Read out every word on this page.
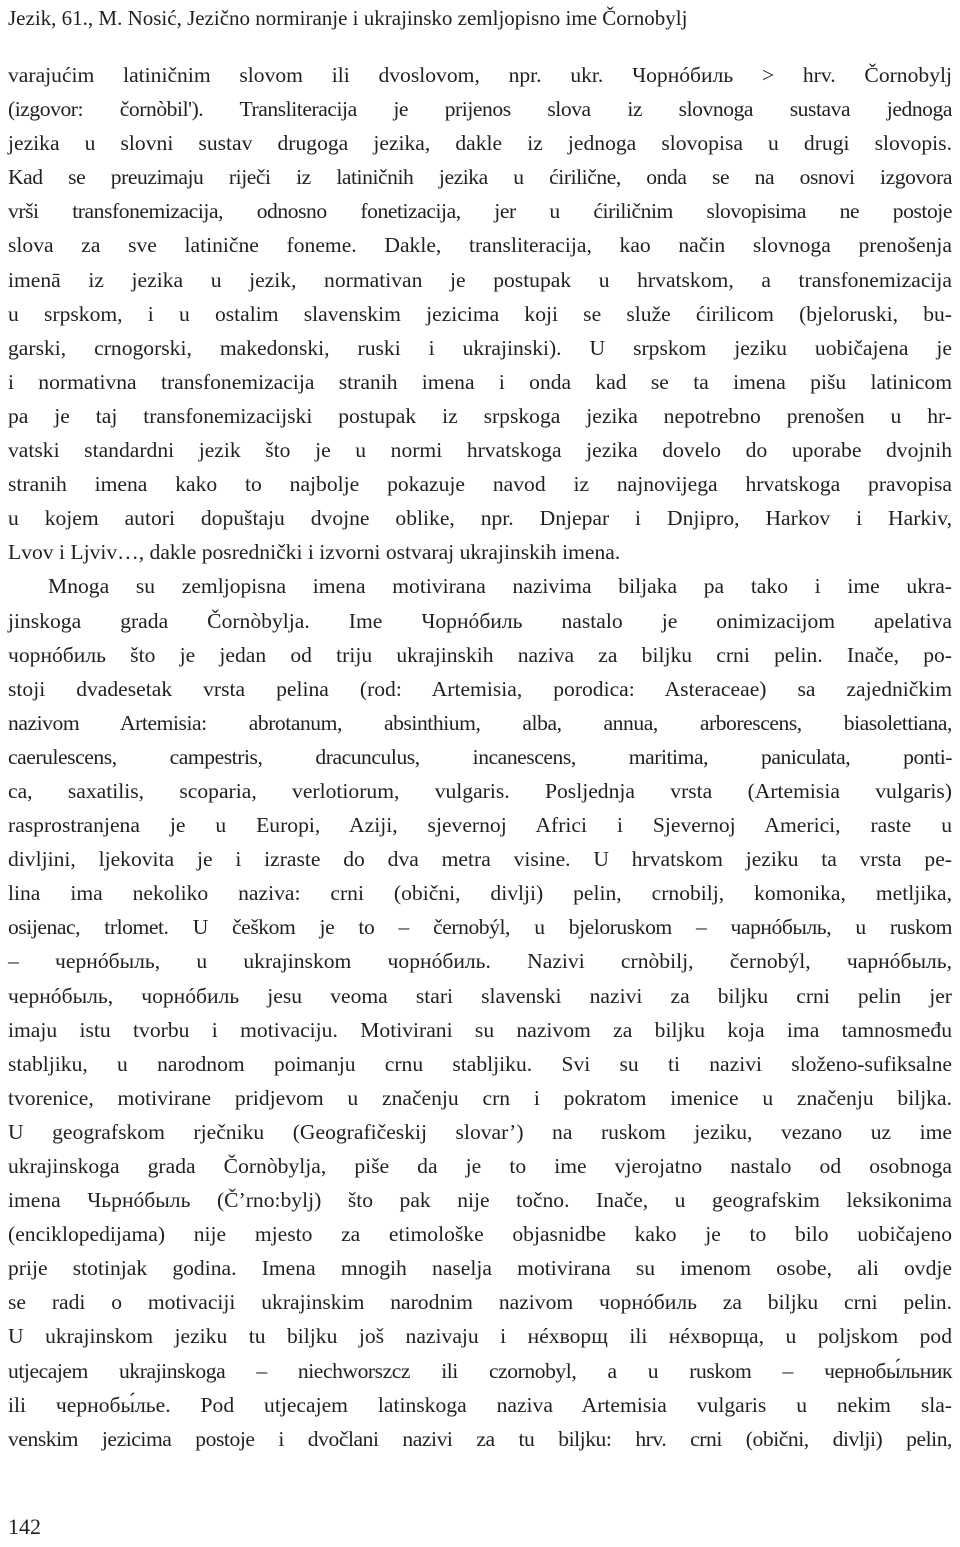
Jezik, 61., M. Nosić, Jezično normiranje i ukrajinsko zemljopisno ime Čornobylj
varajućim latiničnim slovom ili dvoslovom, npr. ukr. Чорнóбиль > hrv. Čornobylj
(izgovor: čornòbil'). Transliteracija je prijenos slova iz slovnoga sustava jednoga
jezika u slovni sustav drugoga jezika, dakle iz jednoga slovopisa u drugi slovopis.
Kad se preuzimaju riječi iz latiničnih jezika u ćirilične, onda se na osnovi izgovora
vrši transfonemizacija, odnosno fonetizacija, jer u ćiriličnim slovopisima ne postoje
slova za sve latinične foneme. Dakle, transliteracija, kao način slovnoga prenošenja
imenā iz jezika u jezik, normativan je postupak u hrvatskom, a transfonemizacija
u srpskom, i u ostalim slavenskim jezicima koji se služe ćirilicom (bjeloruski, bu-
garski, crnogorski, makedonski, ruski i ukrajinski). U srpskom jeziku uobičajena je
i normativna transfonemizacija stranih imena i onda kad se ta imena pišu latinicom
pa je taj transfonemizacijski postupak iz srpskoga jezika nepotrebno prenošen u hr-
vatski standardni jezik što je u normi hrvatskoga jezika dovelo do uporabe dvojnih
stranih imena kako to najbolje pokazuje navod iz najnovijega hrvatskoga pravopisa
u kojem autori dopuštaju dvojne oblike, npr. Dnjepar i Dnjipro, Harkov i Harkiv,
Lvov i Ljviv…, dakle posrednički i izvorni ostvaraj ukrajinskih imena.
Mnoga su zemljopisna imena motivirana nazivima biljaka pa tako i ime ukra-
jinskoga grada Čornòbylja. Ime Чорнóбиль nastalo je onimizacijom apelativa
чорнóбиль što je jedan od triju ukrajinskih naziva za biljku crni pelin. Inače, po-
stoji dvadesetak vrsta pelina (rod: Artemisia, porodica: Asteraceae) sa zajedničkim
nazivom Artemisia: abrotanum, absinthium, alba, annua, arborescens, biasolettiana,
caerulescens, campestris, dracunculus, incanescens, maritima, paniculata, ponti-
ca, saxatilis, scoparia, verlotiorum, vulgaris. Posljednja vrsta (Artemisia vulgaris)
rasprostranjena je u Europi, Aziji, sjevernoj Africi i Sjevernoj Americi, raste u
divljini, ljekovita je i izraste do dva metra visine. U hrvatskom jeziku ta vrsta pe-
lina ima nekoliko naziva: crni (obični, divlji) pelin, crnobilj, komonika, metljika,
osijenac, trlomet. U češkom je to – černobýl, u bjeloruskom – чарнóбыль, u ruskom
– чернóбыль, u ukrajinskom чорнóбиль. Nazivi crnòbilj, černobýl, чарнóбыль,
чернóбыль, чорнóбиль jesu veoma stari slavenski nazivi za biljku crni pelin jer
imaju istu tvorbu i motivaciju. Motivirani su nazivom za biljku koja ima tamnosmeđu
stabljiku, u narodnom poimanju crnu stabljiku. Svi su ti nazivi složeno-sufiksalne
tvorenice, motivirane pridjevom u značenju crn i pokratom imenice u značenju biljka.
U geografskom rječniku (Geografičeskij slovar’) na ruskom jeziku, vezano uz ime
ukrajinskoga grada Čornòbylja, piše da je to ime vjerojatno nastalo od osobnoga
imena Чьрнóбыль (Č’rno:bylj) što pak nije točno. Inače, u geografskim leksikonima
(enciklopedijama) nije mjesto za etimološke objasnidbe kako je to bilo uobičajeno
prije stotinjak godina. Imena mnogih naselja motivirana su imenom osobe, ali ovdje
se radi o motivaciji ukrajinskim narodnim nazivom чорнóбиль za biljku crni pelin.
U ukrajinskom jeziku tu biljku još nazivaju i нéхворщ ili нéхворща, u poljskom pod
utjecajem ukrajinskoga – niechworszcz ili czornobyl, a u ruskom – чернобы́льник
ili чернобы́лье. Pod utjecajem latinskoga naziva Artemisia vulgaris u nekim sla-
venskim jezicima postoje i dvočlani nazivi za tu biljku: hrv. crni (obični, divlji) pelin,
142
